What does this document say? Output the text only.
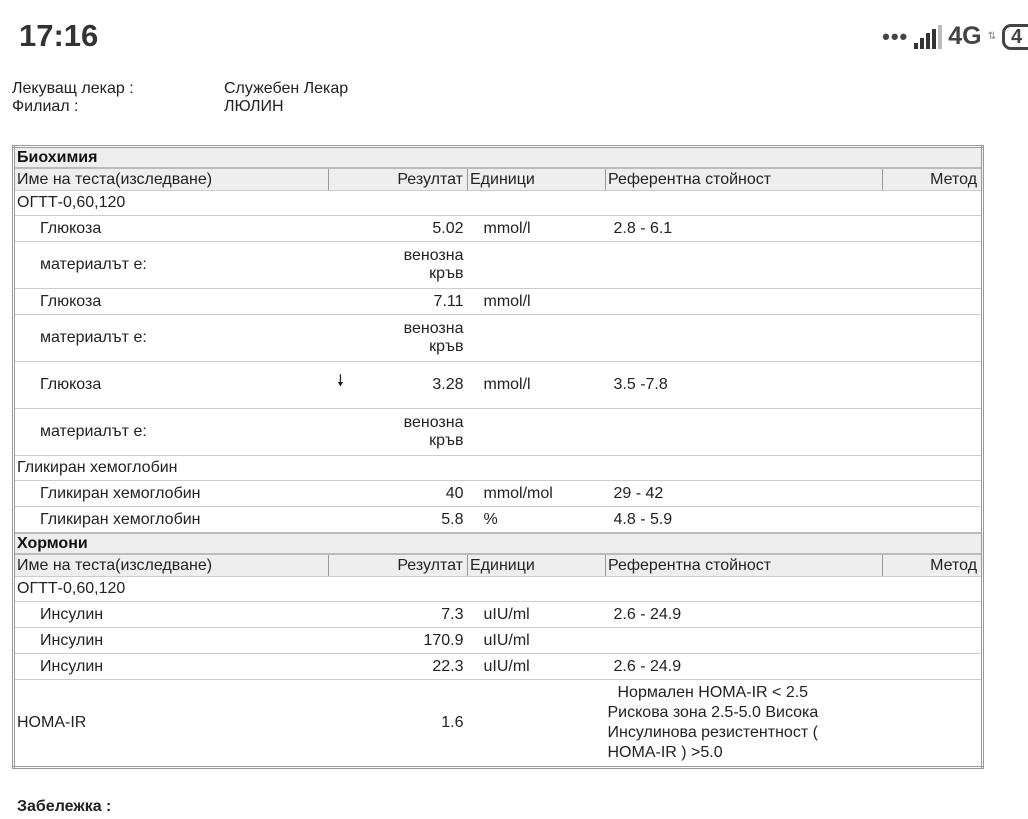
17:16	••• 4G ⇅ 4
Лекуващ лекар :	Служебен Лекар
Филиал :	ЛЮЛИН
Биохимия				
Име на теста(изследване)	Резултат	Единици	Референтна стойност	Метод
ОГТТ-0,60,120				
Глюкоза	5.02	mmol/l	2.8 - 6.1	
материалът е:	венозна
кръв			

Глюкоза	7.11	mmol/l		
материалът е:	венозна
кръв			

Глюкоза 🠗	3.28	mmol/l	3.5 -7.8	
материалът е:	венозна
кръв			

Гликиран хемоглобин				
Гликиран хемоглобин	40	mmol/mol	29 - 42	
Гликиран хемоглобин	5.8	%	4.8 - 5.9	
Хормони				
Име на теста(изследване)	Резултат	Единици	Референтна стойност	Метод
ОГТТ-0,60,120				
Инсулин	7.3	uIU/ml	2.6 - 24.9	
Инсулин	170.9	uIU/ml		
Инсулин	22.3	uIU/ml	2.6 - 24.9	
HOMA-IR	1.6		Нормален HOMA-IR < 2.5
Рискова зона 2.5-5.0 Висока
Инсулинова резистентност (
HOMA-IR ) >5.0	

Забележка :
